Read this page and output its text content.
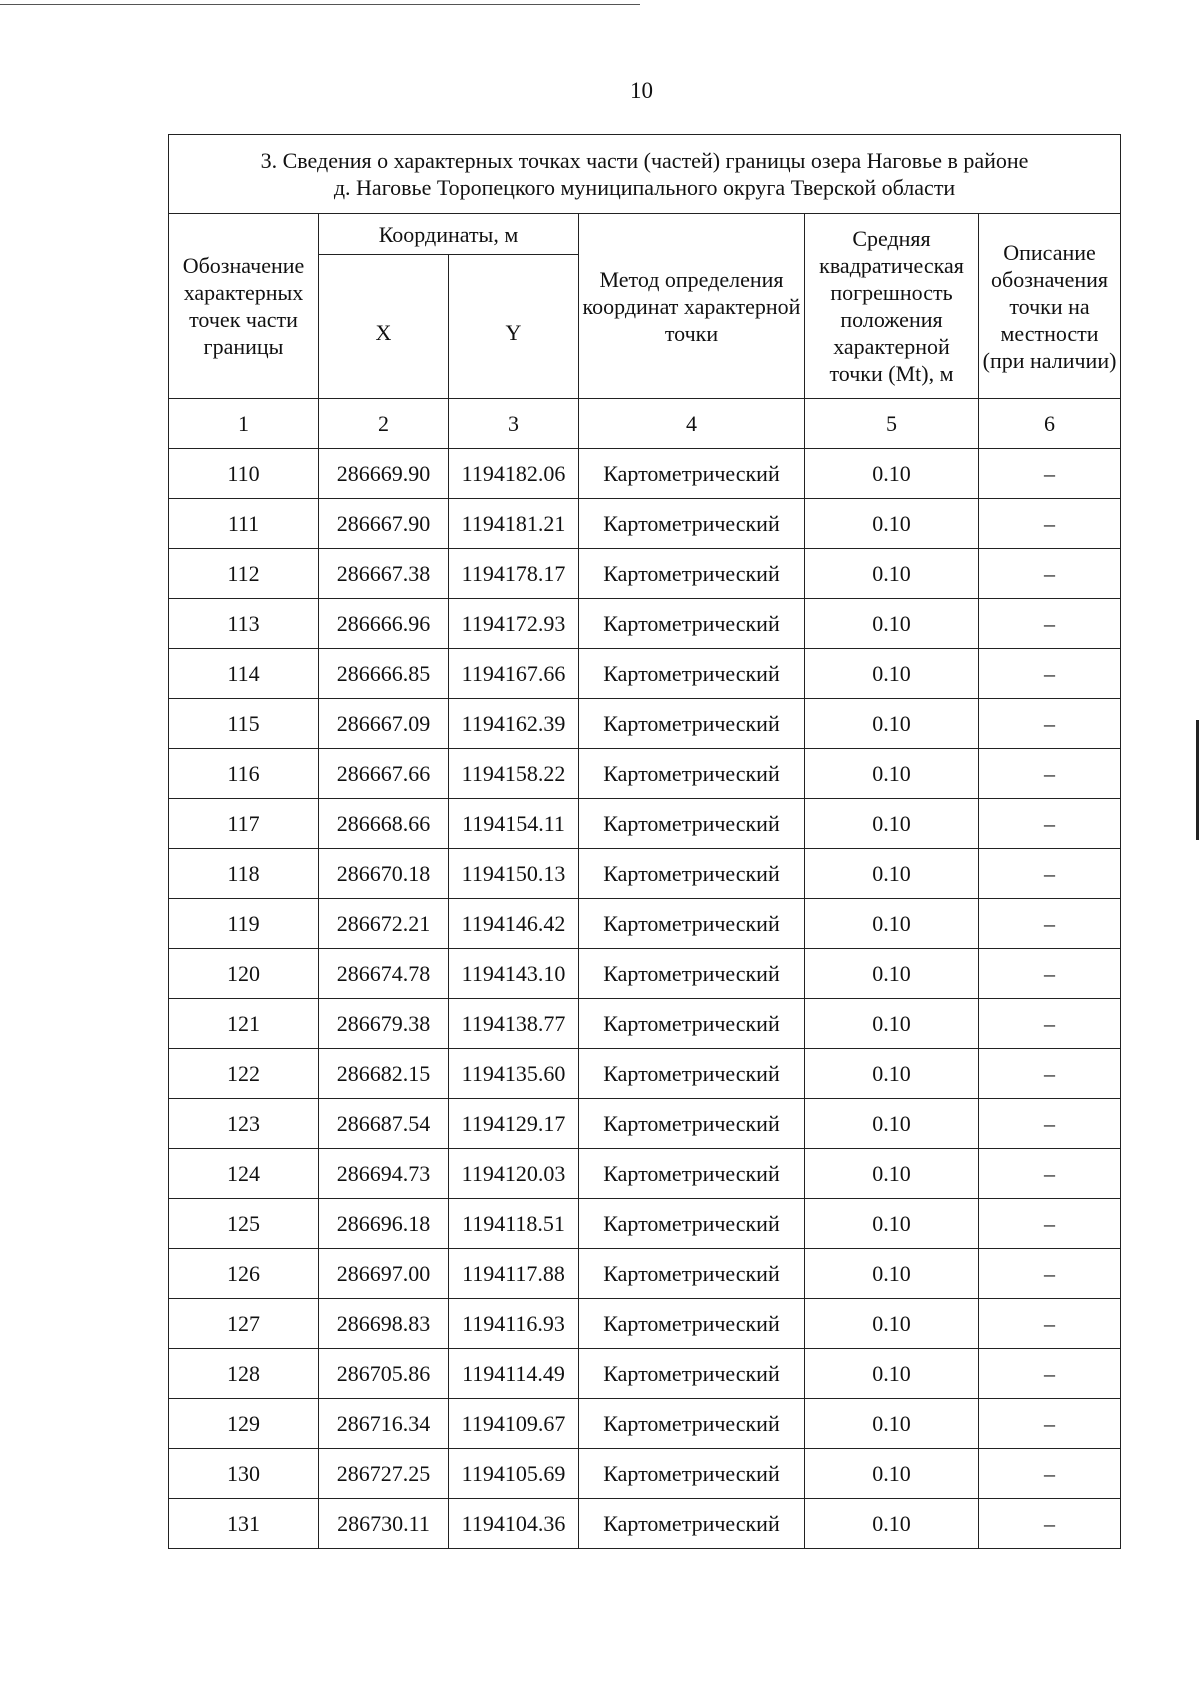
10
3. Сведения о характерных точках части (частей) границы озера Наговье в районе
д. Наговье Торопецкого муниципального округа Тверской области					

Обозначение характерных точек части границы	Координаты, м		Метод определения координат характерной точки	Средняя квадратическая погрешность положения характерной точки (Mt), м	Описание обозначения точки на местности (при наличии)
	X	Y			
1	2	3	4	5	6
110	286669.90	1194182.06	Картометрический	0.10	–
111	286667.90	1194181.21	Картометрический	0.10	–
112	286667.38	1194178.17	Картометрический	0.10	–
113	286666.96	1194172.93	Картометрический	0.10	–
114	286666.85	1194167.66	Картометрический	0.10	–
115	286667.09	1194162.39	Картометрический	0.10	–
116	286667.66	1194158.22	Картометрический	0.10	–
117	286668.66	1194154.11	Картометрический	0.10	–
118	286670.18	1194150.13	Картометрический	0.10	–
119	286672.21	1194146.42	Картометрический	0.10	–
120	286674.78	1194143.10	Картометрический	0.10	–
121	286679.38	1194138.77	Картометрический	0.10	–
122	286682.15	1194135.60	Картометрический	0.10	–
123	286687.54	1194129.17	Картометрический	0.10	–
124	286694.73	1194120.03	Картометрический	0.10	–
125	286696.18	1194118.51	Картометрический	0.10	–
126	286697.00	1194117.88	Картометрический	0.10	–
127	286698.83	1194116.93	Картометрический	0.10	–
128	286705.86	1194114.49	Картометрический	0.10	–
129	286716.34	1194109.67	Картометрический	0.10	–
130	286727.25	1194105.69	Картометрический	0.10	–
131	286730.11	1194104.36	Картометрический	0.10	–
